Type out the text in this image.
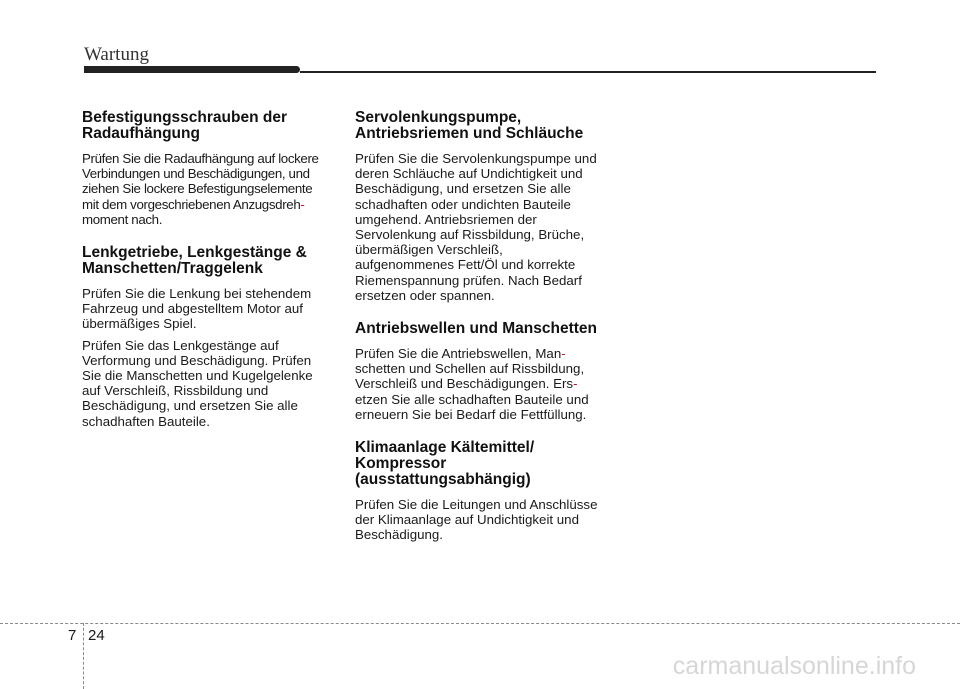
Wartung
Befestigungsschrauben der
Radaufhängung

Prüfen Sie die Radaufhängung auf lockere
Verbindungen und Beschädigungen, und
ziehen Sie lockere Befestigungselemente
mit dem vorgeschriebenen Anzugsdreh-
moment nach.

Lenkgetriebe, Lenkgestänge &
Manschetten/Traggelenk

Prüfen Sie die Lenkung bei stehendem
Fahrzeug und abgestelltem Motor auf
übermäßiges Spiel.

Prüfen Sie das Lenkgestänge auf
Verformung und Beschädigung. Prüfen
Sie die Manschetten und Kugelgelenke
auf Verschleiß, Rissbildung und
Beschädigung, und ersetzen Sie alle
schadhaften Bauteile.

Servolenkungspumpe,
Antriebsriemen und Schläuche

Prüfen Sie die Servolenkungspumpe und
deren Schläuche auf Undichtigkeit und
Beschädigung, und ersetzen Sie alle
schadhaften oder undichten Bauteile
umgehend. Antriebsriemen der
Servolenkung auf Rissbildung, Brüche,
übermäßigen Verschleiß,
aufgenommenes Fett/Öl und korrekte
Riemenspannung prüfen. Nach Bedarf
ersetzen oder spannen.

Antriebswellen und Manschetten

Prüfen Sie die Antriebswellen, Man-
schetten und Schellen auf Rissbildung,
Verschleiß und Beschädigungen. Ers-
etzen Sie alle schadhaften Bauteile und
erneuern Sie bei Bedarf die Fettfüllung.

Klimaanlage Kältemittel/
Kompressor
(ausstattungsabhängig)

Prüfen Sie die Leitungen und Anschlüsse
der Klimaanlage auf Undichtigkeit und
Beschädigung.

7 24
carmanualsonline.info
